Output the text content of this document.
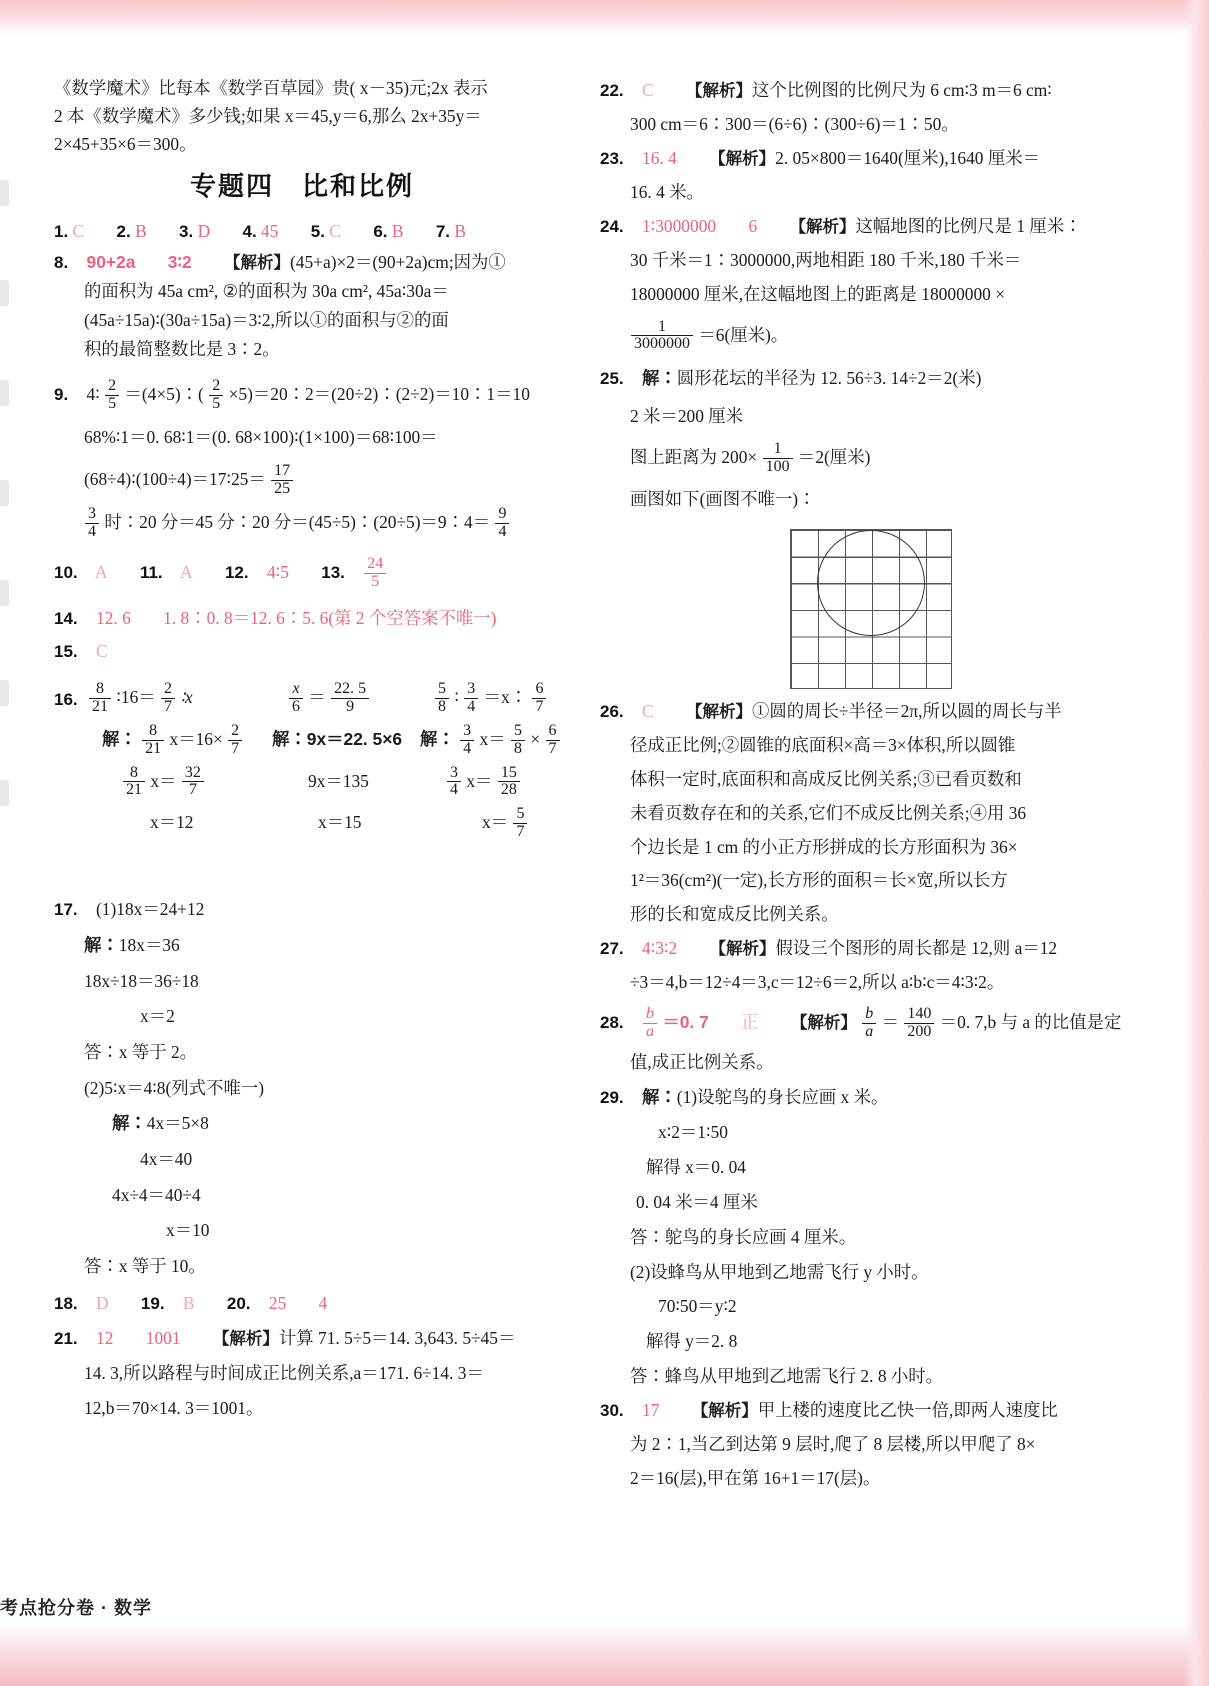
《数学魔术》比每本《数学百草园》贵( x－35)元;2x 表示
2 本《数学魔术》多少钱;如果 x＝45,y＝6,那么 2x+35y＝
2×45+35×6＝300。
专题四　比和比例
1. C 2. B 3. D 4. 45 5. C 6. B 7. B
8. 90+2a 3∶2 【解析】(45+a)×2＝(90+2a)cm;因为①
的面积为 45a cm², ②的面积为 30a cm², 45a∶30a＝
(45a÷15a)∶(30a÷15a)＝3∶2,所以①的面积与②的面
积的最简整数比是 3∶2。
9. 4∶ $\frac{2}{5}$ ＝(4×5)∶( $\frac{2}{5}$ ×5)＝20∶2＝(20÷2)∶(2÷2)＝10∶1＝10
68%∶1＝0. 68∶1＝(0. 68×100)∶(1×100)＝68∶100＝
(68÷4)∶(100÷4)＝17∶25＝ $\frac{17}{25}$
$\frac{3}{4}$ 时∶20 分＝45 分∶20 分＝(45÷5)∶(20÷5)＝9∶4＝ $\frac{9}{4}$
10. A 11. A 12. 4∶5 13. $\frac{24}{5}$
14. 12. 6 1. 8∶0. 8＝12. 6∶5. 6(第 2 个空答案不唯一)
15. C
16. $\frac{8}{21}$ ∶16＝ $\frac{2}{7}$ ∶x
解∶ $\frac{8}{21} x=16\times \frac{2}{7}$
$\frac{8}{21} x= \frac{32}{7}$
x＝12
$\frac{x}{6} = \frac{22. 5}{9}$
解∶9x＝22. 5×6
9x＝135
x＝15
$\frac{5}{8}$ ∶ $\frac{3}{4}$ ＝x∶ $\frac{6}{7}$
解∶ $\frac{3}{4} x= \frac{5}{8} \times \frac{6}{7}$
$\frac{3}{4} x= \frac{15}{28}$
$x= \frac{5}{7}$
17. (1)18x＝24+12
解∶18x＝36
18x÷18＝36÷18
x＝2
答∶x 等于 2。
(2)5∶x＝4∶8(列式不唯一)
解∶4x＝5×8
4x＝40
4x÷4＝40÷4
x＝10
答∶x 等于 10。
18. D 19. B 20. 25 4
21. 12 1001 【解析】计算 71. 5÷5＝14. 3,643. 5÷45＝
14. 3,所以路程与时间成正比例关系,a＝171. 6÷14. 3＝
12,b＝70×14. 3＝1001。
22. C 【解析】这个比例图的比例尺为 6 cm∶3 m＝6 cm∶
300 cm＝6∶300＝(6÷6)∶(300÷6)＝1∶50。
23. 16. 4 【解析】2. 05×800＝1640(厘米),1640 厘米＝
16. 4 米。
24. 1∶3000000 6 【解析】这幅地图的比例尺是 1 厘米∶
30 千米＝1∶3000000,两地相距 180 千米,180 千米＝
18000000 厘米,在这幅地图上的距离是 18000000 ×
$\frac{1}{3000000} =6$(厘米)。
25. 解∶圆形花坛的半径为 12. 56÷3. 14÷2＝2(米)
2 米＝200 厘米
图上距离为 $200\times \frac{1}{100} =2$(厘米)
画图如下(画图不唯一)∶
26. C 【解析】①圆的周长÷半径＝2π,所以圆的周长与半
径成正比例;②圆锥的底面积×高＝3×体积,所以圆锥
体积一定时,底面积和高成反比例关系;③已看页数和
未看页数存在和的关系,它们不成反比例关系;④用 36
个边长是 1 cm 的小正方形拼成的长方形面积为 36×
1²＝36(cm²)(一定),长方形的面积＝长×宽,所以长方
形的长和宽成反比例关系。
27. 4∶3∶2 【解析】假设三个图形的周长都是 12,则 a＝12
÷3＝4,b＝12÷4＝3,c＝12÷6＝2,所以 a∶b∶c＝4∶3∶2。
28. $\frac{b}{a} =0$. 7 正 【解析】 $\frac{b}{a} = \frac{140}{200} =0$. 7,b 与 a 的比值是定
值,成正比例关系。
29. 解∶(1)设鸵鸟的身长应画 x 米。
x∶2＝1∶50
解得 x＝0. 04
0. 04 米＝4 厘米
答∶鸵鸟的身长应画 4 厘米。
(2)设蜂鸟从甲地到乙地需飞行 y 小时。
70∶50＝y∶2
解得 y＝2. 8
答∶蜂鸟从甲地到乙地需飞行 2. 8 小时。
30. 17 【解析】甲上楼的速度比乙快一倍,即两人速度比
为 2∶1,当乙到达第 9 层时,爬了 8 层楼,所以甲爬了 8×
2＝16(层),甲在第 16+1＝17(层)。
考点抢分卷 · 数学
